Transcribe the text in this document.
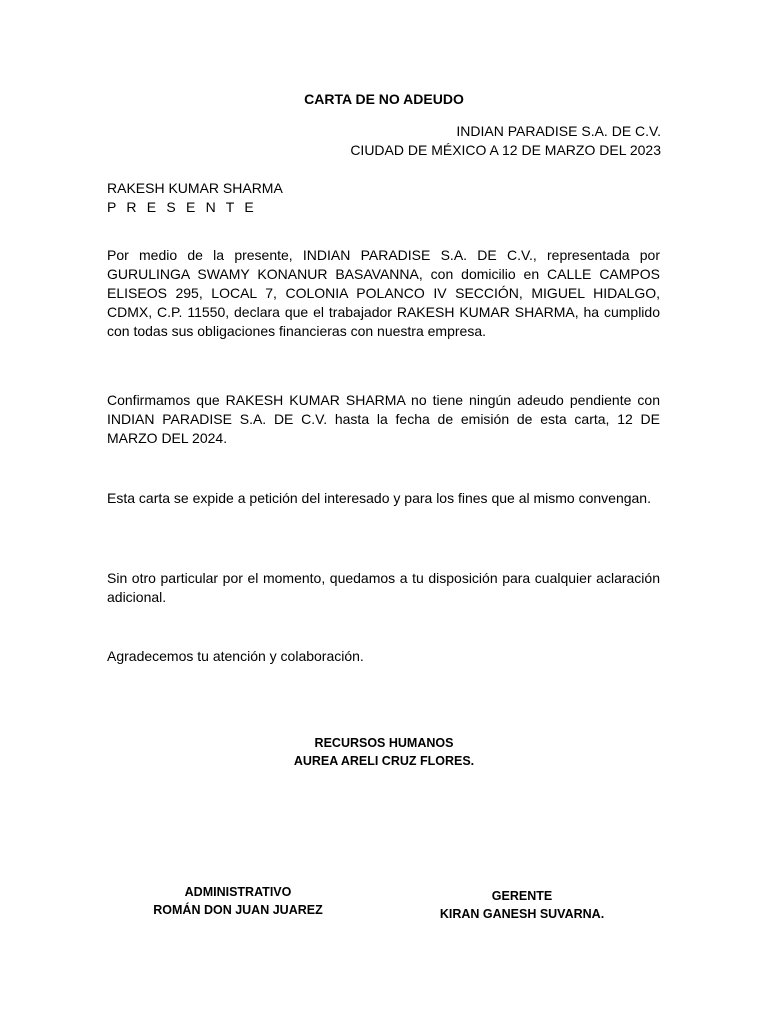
CARTA DE NO ADEUDO
INDIAN PARADISE S.A. DE C.V.
CIUDAD DE MÉXICO A 12 DE MARZO DEL 2023
RAKESH KUMAR SHARMA
P R E S E N T E
Por medio de la presente, INDIAN PARADISE S.A. DE C.V., representada por GURULINGA SWAMY KONANUR BASAVANNA, con domicilio en CALLE CAMPOS ELISEOS 295, LOCAL 7, COLONIA POLANCO IV SECCIÓN, MIGUEL HIDALGO, CDMX, C.P. 11550, declara que el trabajador RAKESH KUMAR SHARMA, ha cumplido con todas sus obligaciones financieras con nuestra empresa.
Confirmamos que RAKESH KUMAR SHARMA no tiene ningún adeudo pendiente con INDIAN PARADISE S.A. DE C.V. hasta la fecha de emisión de esta carta, 12 DE MARZO DEL 2024.
Esta carta se expide a petición del interesado y para los fines que al mismo convengan.
Sin otro particular por el momento, quedamos a tu disposición para cualquier aclaración adicional.
Agradecemos tu atención y colaboración.
RECURSOS HUMANOS
AUREA ARELI CRUZ FLORES.
ADMINISTRATIVO
ROMÁN DON JUAN JUAREZ
GERENTE
KIRAN GANESH SUVARNA.
